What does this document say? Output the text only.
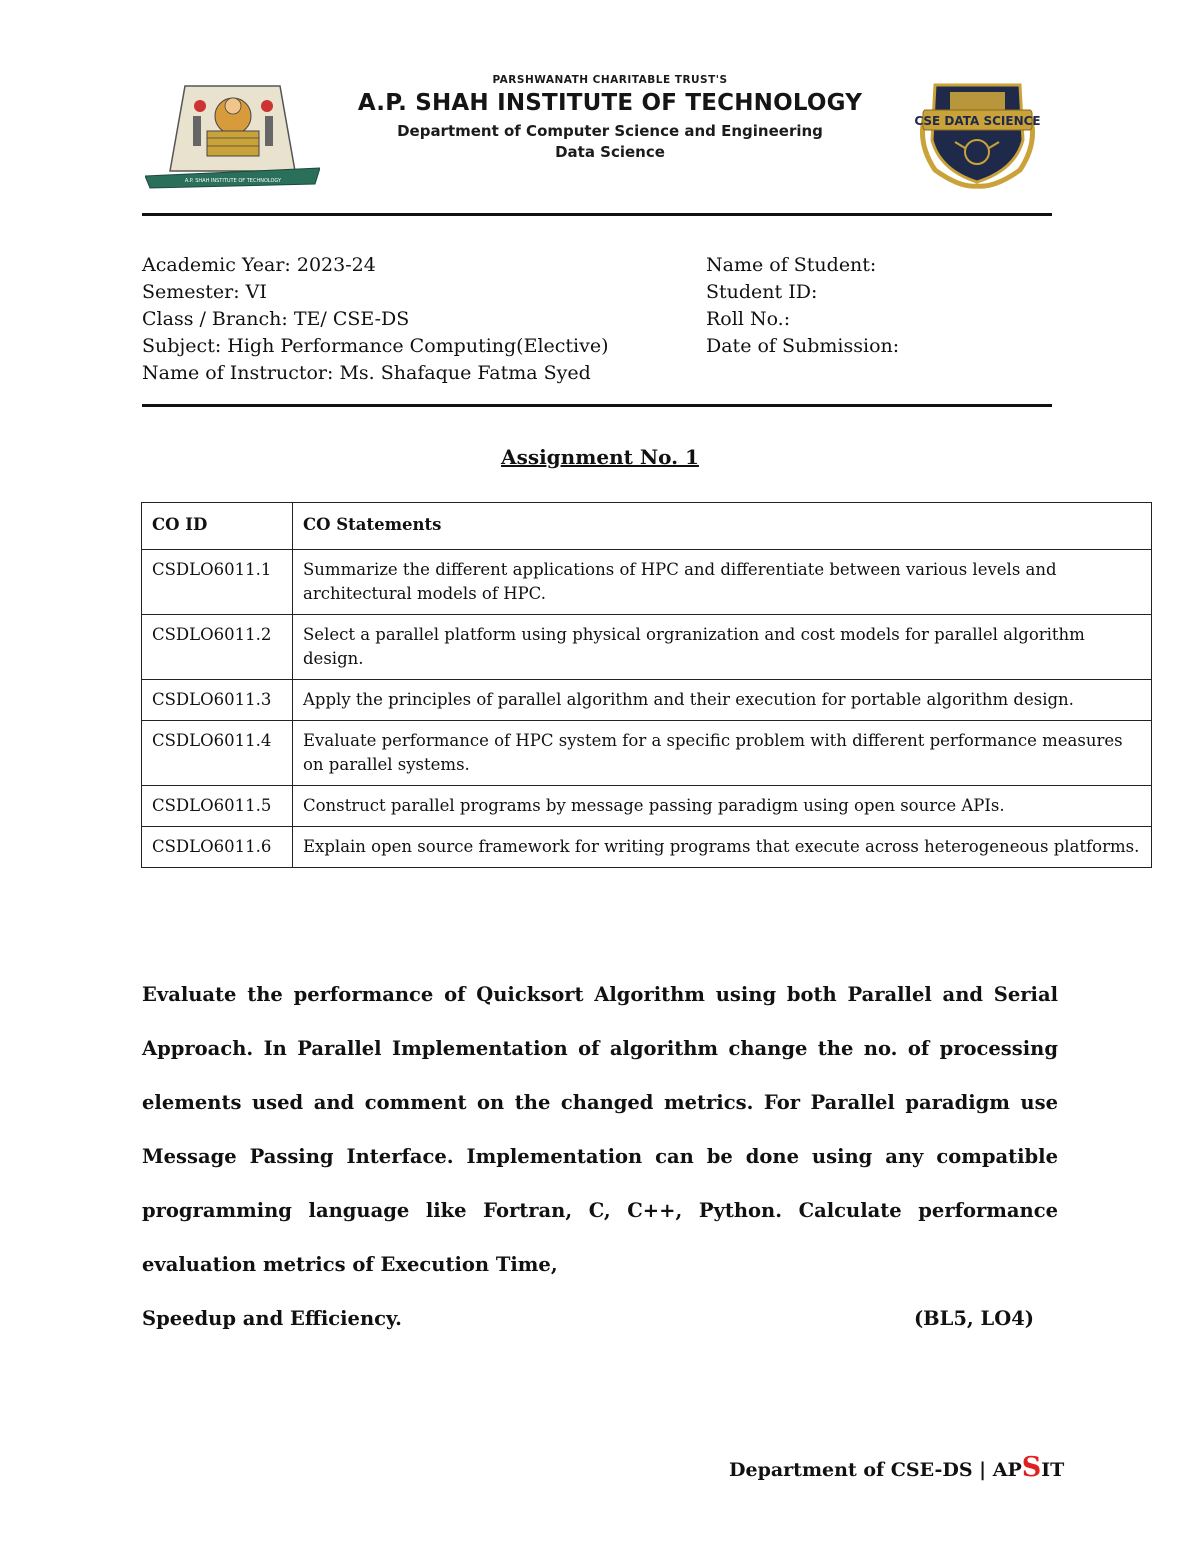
A.P. SHAH INSTITUTE OF TECHNOLOGY
PARSHWANATH CHARITABLE TRUST'S
A.P. SHAH INSTITUTE OF TECHNOLOGY
Department of Computer Science and Engineering
Data Science
CSE DATA SCIENCE
Academic Year: 2023-24
Semester: VI
Class / Branch: TE/ CSE-DS
Subject: High Performance Computing(Elective)
Name of Instructor: Ms. Shafaque Fatma Syed
Name of Student:
Student ID:
Roll No.:
Date of Submission:
Assignment No. 1
CO ID	CO Statements
CSDLO6011.1	Summarize the different applications of HPC and differentiate between various levels and architectural models of HPC.
CSDLO6011.2	Select a parallel platform using physical orgranization and cost models for parallel algorithm design.
CSDLO6011.3	Apply the principles of parallel algorithm and their execution for portable algorithm design.
CSDLO6011.4	Evaluate performance of HPC system for a specific problem with different performance measures on parallel systems.
CSDLO6011.5	Construct parallel programs by message passing paradigm using open source APIs.
CSDLO6011.6	Explain open source framework for writing programs that execute across heterogeneous platforms.
Evaluate the performance of Quicksort Algorithm using both Parallel and Serial Approach. In Parallel Implementation of algorithm change the no. of processing elements used and comment on the changed metrics. For Parallel paradigm use Message Passing Interface. Implementation can be done using any compatible programming language like Fortran, C, C++, Python. Calculate performance evaluation metrics of Execution Time,
Speedup and Efficiency.	(BL5, LO4)
Department of CSE-DS | APSIT
